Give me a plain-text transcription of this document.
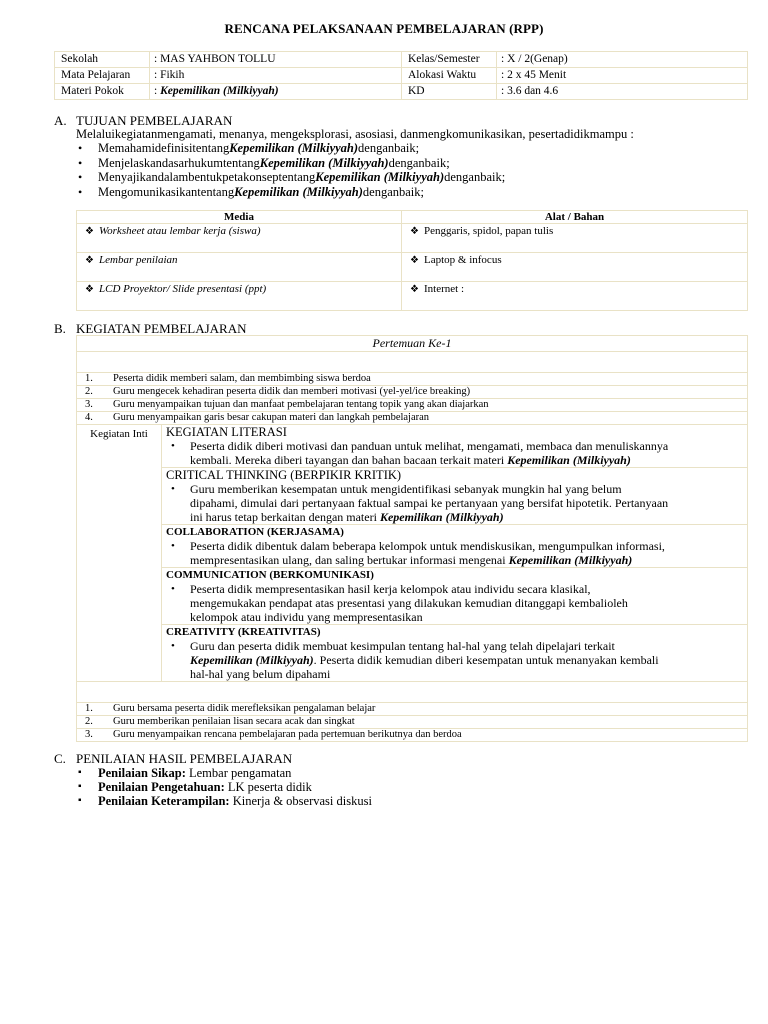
RENCANA PELAKSANAAN PEMBELAJARAN (RPP)
Sekolah	: MAS YAHBON TOLLU	Kelas/Semester	: X / 2(Genap)
Mata Pelajaran	: Fikih	Alokasi Waktu	: 2 x 45 Menit
Materi Pokok	: Kepemilikan (Milkiyyah)	KD	: 3.6 dan 4.6
A. TUJUAN PEMBELAJARAN
Melaluikegiatanmengamati, menanya, mengeksplorasi, asosiasi, danmengkomunikasikan, pesertadidikmampu :
• MemahamidefinisitentangKepemilikan (Milkiyyah)denganbaik;
• MenjelaskandasarhukumtentangKepemilikan (Milkiyyah)denganbaik;
• MenyajikandalambentukpetakonseptentangKepemilikan (Milkiyyah)denganbaik;
• MengomunikasikantentangKepemilikan (Milkiyyah)denganbaik;
Media	Alat / Bahan
❖ Worksheet atau lembar kerja (siswa)	❖ Penggaris, spidol, papan tulis
❖ Lembar penilaian	❖ Laptop & infocus
❖ LCD Proyektor/ Slide presentasi (ppt)	❖ Internet :
B. KEGIATAN PEMBELAJARAN
Pertemuan Ke-1

1. Peserta didik memberi salam, dan membimbing siswa berdoa
2. Guru mengecek kehadiran peserta didik dan memberi motivasi (yel-yel/ice breaking)
3. Guru menyampaikan tujuan dan manfaat pembelajaran tentang topik yang akan diajarkan
4. Guru menyampaikan garis besar cakupan materi dan langkah pembelajaran
Kegiatan Inti	KEGIATAN LITERASI
• Peserta didik diberi motivasi dan panduan untuk melihat, mengamati, membaca dan menuliskannya
kembali. Mereka diberi tayangan dan bahan bacaan terkait materi Kepemilikan (Milkiyyah)

CRITICAL THINKING (BERPIKIR KRITIK)
• Guru memberikan kesempatan untuk mengidentifikasi sebanyak mungkin hal yang belum
dipahami, dimulai dari pertanyaan faktual sampai ke pertanyaan yang bersifat hipotetik. Pertanyaan
ini harus tetap berkaitan dengan materi Kepemilikan (Milkiyyah)

COLLABORATION (KERJASAMA)
• Peserta didik dibentuk dalam beberapa kelompok untuk mendiskusikan, mengumpulkan informasi,
mempresentasikan ulang, dan saling bertukar informasi mengenai Kepemilikan (Milkiyyah)

COMMUNICATION (BERKOMUNIKASI)
• Peserta didik mempresentasikan hasil kerja kelompok atau individu secara klasikal,
mengemukakan pendapat atas presentasi yang dilakukan kemudian ditanggapi kembalioleh
kelompok atau individu yang mempresentasikan

CREATIVITY (KREATIVITAS)
• Guru dan peserta didik membuat kesimpulan tentang hal-hal yang telah dipelajari terkait
Kepemilikan (Milkiyyah). Peserta didik kemudian diberi kesempatan untuk menanyakan kembali
hal-hal yang belum dipahami

1. Guru bersama peserta didik merefleksikan pengalaman belajar
2. Guru memberikan penilaian lisan secara acak dan singkat
3. Guru menyampaikan rencana pembelajaran pada pertemuan berikutnya dan berdoa
C. PENILAIAN HASIL PEMBELAJARAN
▪ Penilaian Sikap: Lembar pengamatan
▪ Penilaian Pengetahuan: LK peserta didik
▪ Penilaian Keterampilan: Kinerja & observasi diskusi
